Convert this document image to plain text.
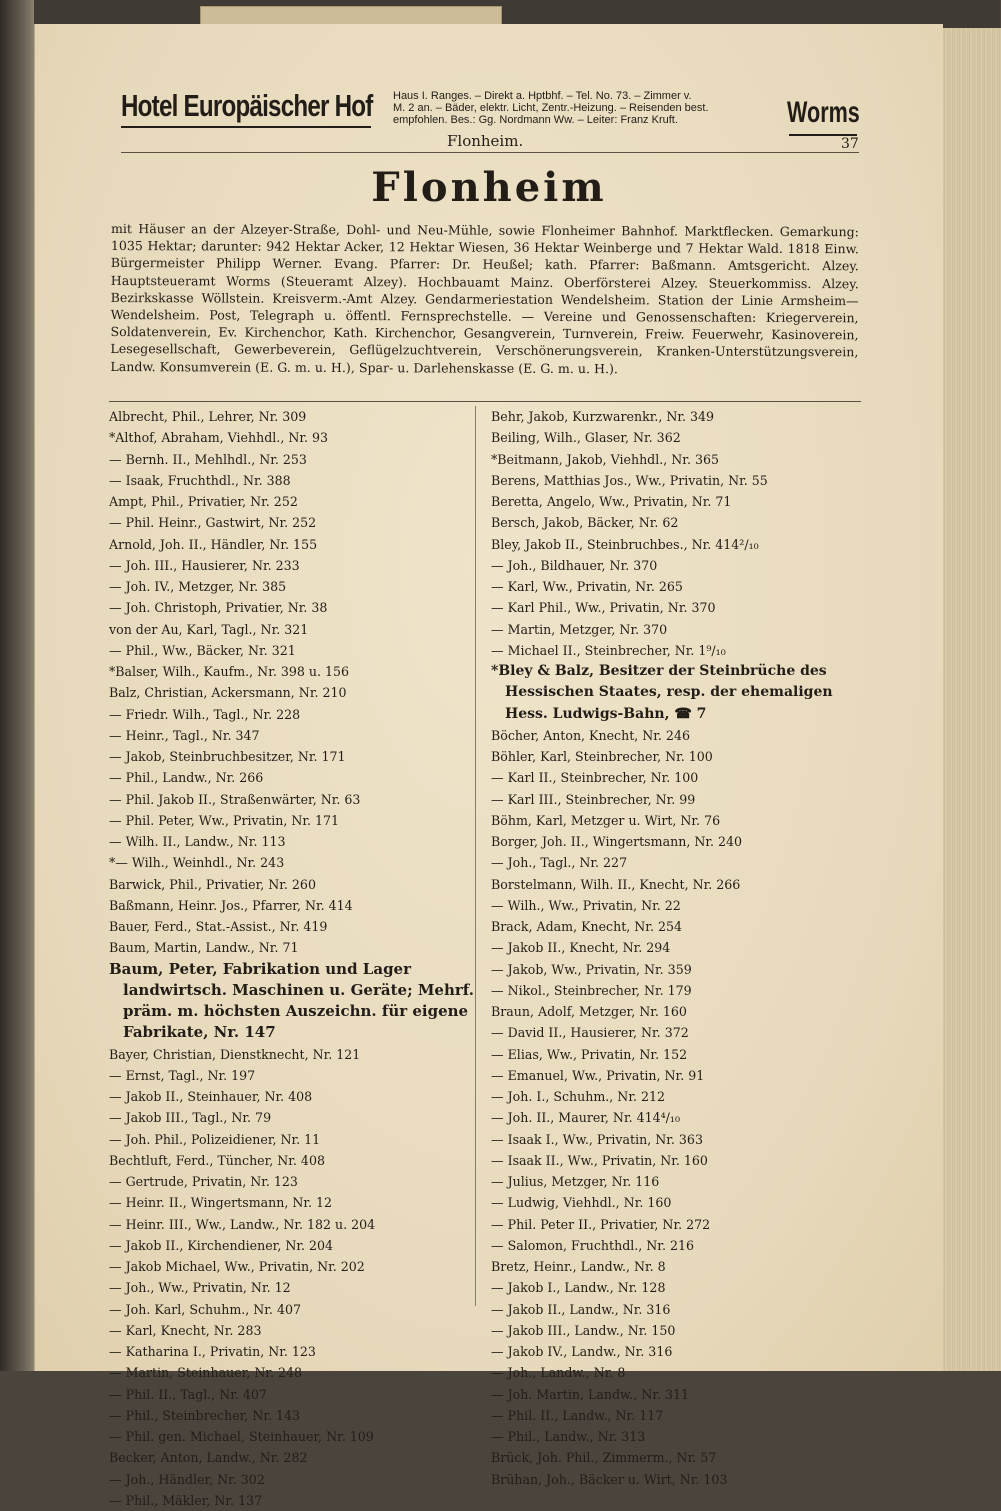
Hotel Europäischer Hof Haus I. Ranges. – Direkt a. Hptbhf. – Tel. No. 73. – Zimmer v.
M. 2 an. – Bäder, elektr. Licht, Zentr.-Heizung. – Reisenden best.
empfohlen. Bes.: Gg. Nordmann Ww. – Leiter: Franz Kruft.	Worms
Flonheim.	37
Flonheim
mit Häuser an der Alzeyer-Straße, Dohl- und Neu-Mühle, sowie Flonheimer Bahnhof. Marktflecken. Gemarkung: 1035 Hektar; darunter: 942 Hektar Acker, 12 Hektar Wiesen, 36 Hektar Weinberge und 7 Hektar Wald. 1818 Einw. Bürgermeister Philipp Werner. Evang. Pfarrer: Dr. Heußel; kath. Pfarrer: Baßmann. Amtsgericht. Alzey. Hauptsteueramt Worms (Steueramt Alzey). Hochbauamt Mainz. Oberförsterei Alzey. Steuerkommiss. Alzey. Bezirkskasse Wöllstein. Kreisverm.-Amt Alzey. Gendarmeriestation Wendelsheim. Station der Linie Armsheim—Wendelsheim. Post, Telegraph u. öffentl. Fernsprechstelle. — Vereine und Genossenschaften: Kriegerverein, Soldatenverein, Ev. Kirchenchor, Kath. Kirchenchor, Gesangverein, Turnverein, Freiw. Feuerwehr, Kasinoverein, Lesegesellschaft, Gewerbeverein, Geflügelzuchtverein, Verschönerungsverein, Kranken-Unterstützungsverein, Landw. Konsumverein (E. G. m. u. H.), Spar- u. Darlehenskasse (E. G. m. u. H.).
Albrecht, Phil., Lehrer, Nr. 309
*Althof, Abraham, Viehhdl., Nr. 93
— Bernh. II., Mehlhdl., Nr. 253
— Isaak, Fruchthdl., Nr. 388
Ampt, Phil., Privatier, Nr. 252
— Phil. Heinr., Gastwirt, Nr. 252
Arnold, Joh. II., Händler, Nr. 155
— Joh. III., Hausierer, Nr. 233
— Joh. IV., Metzger, Nr. 385
— Joh. Christoph, Privatier, Nr. 38
von der Au, Karl, Tagl., Nr. 321
— Phil., Ww., Bäcker, Nr. 321
*Balser, Wilh., Kaufm., Nr. 398 u. 156
Balz, Christian, Ackersmann, Nr. 210
— Friedr. Wilh., Tagl., Nr. 228
— Heinr., Tagl., Nr. 347
— Jakob, Steinbruchbesitzer, Nr. 171
— Phil., Landw., Nr. 266
— Phil. Jakob II., Straßenwärter, Nr. 63
— Phil. Peter, Ww., Privatin, Nr. 171
— Wilh. II., Landw., Nr. 113
*— Wilh., Weinhdl., Nr. 243
Barwick, Phil., Privatier, Nr. 260
Baßmann, Heinr. Jos., Pfarrer, Nr. 414
Bauer, Ferd., Stat.-Assist., Nr. 419
Baum, Martin, Landw., Nr. 71
Baum, Peter, Fabrikation und Lager landwirtsch. Maschinen u. Geräte; Mehrf. präm. m. höchsten Auszeichn. für eigene Fabrikate, Nr. 147
Bayer, Christian, Dienstknecht, Nr. 121
— Ernst, Tagl., Nr. 197
— Jakob II., Steinhauer, Nr. 408
— Jakob III., Tagl., Nr. 79
— Joh. Phil., Polizeidiener, Nr. 11
Bechtluft, Ferd., Tüncher, Nr. 408
— Gertrude, Privatin, Nr. 123
— Heinr. II., Wingertsmann, Nr. 12
— Heinr. III., Ww., Landw., Nr. 182 u. 204
— Jakob II., Kirchendiener, Nr. 204
— Jakob Michael, Ww., Privatin, Nr. 202
— Joh., Ww., Privatin, Nr. 12
— Joh. Karl, Schuhm., Nr. 407
— Karl, Knecht, Nr. 283
— Katharina I., Privatin, Nr. 123
— Martin, Steinhauer, Nr. 248
— Phil. II., Tagl., Nr. 407
— Phil., Steinbrecher, Nr. 143
— Phil. gen. Michael, Steinhauer, Nr. 109
Becker, Anton, Landw., Nr. 282
— Joh., Händler, Nr. 302
— Phil., Mäkler, Nr. 137
Behr, Jakob, Kurzwarenkr., Nr. 349
Beiling, Wilh., Glaser, Nr. 362
*Beitmann, Jakob, Viehhdl., Nr. 365
Berens, Matthias Jos., Ww., Privatin, Nr. 55
Beretta, Angelo, Ww., Privatin, Nr. 71
Bersch, Jakob, Bäcker, Nr. 62
Bley, Jakob II., Steinbruchbes., Nr. 414²/₁₀
— Joh., Bildhauer, Nr. 370
— Karl, Ww., Privatin, Nr. 265
— Karl Phil., Ww., Privatin, Nr. 370
— Martin, Metzger, Nr. 370
— Michael II., Steinbrecher, Nr. 1⁹/₁₀
*Bley & Balz, Besitzer der Steinbrüche des Hessischen Staates, resp. der ehemaligen Hess. Ludwigs-Bahn, ☎ 7
Böcher, Anton, Knecht, Nr. 246
Böhler, Karl, Steinbrecher, Nr. 100
— Karl II., Steinbrecher, Nr. 100
— Karl III., Steinbrecher, Nr. 99
Böhm, Karl, Metzger u. Wirt, Nr. 76
Borger, Joh. II., Wingertsmann, Nr. 240
— Joh., Tagl., Nr. 227
Borstelmann, Wilh. II., Knecht, Nr. 266
— Wilh., Ww., Privatin, Nr. 22
Brack, Adam, Knecht, Nr. 254
— Jakob II., Knecht, Nr. 294
— Jakob, Ww., Privatin, Nr. 359
— Nikol., Steinbrecher, Nr. 179
Braun, Adolf, Metzger, Nr. 160
— David II., Hausierer, Nr. 372
— Elias, Ww., Privatin, Nr. 152
— Emanuel, Ww., Privatin, Nr. 91
— Joh. I., Schuhm., Nr. 212
— Joh. II., Maurer, Nr. 414⁴/₁₀
— Isaak I., Ww., Privatin, Nr. 363
— Isaak II., Ww., Privatin, Nr. 160
— Julius, Metzger, Nr. 116
— Ludwig, Viehhdl., Nr. 160
— Phil. Peter II., Privatier, Nr. 272
— Salomon, Fruchthdl., Nr. 216
Bretz, Heinr., Landw., Nr. 8
— Jakob I., Landw., Nr. 128
— Jakob II., Landw., Nr. 316
— Jakob III., Landw., Nr. 150
— Jakob IV., Landw., Nr. 316
— Joh., Landw., Nr. 8
— Joh. Martin, Landw., Nr. 311
— Phil. II., Landw., Nr. 117
— Phil., Landw., Nr. 313
Brück, Joh. Phil., Zimmerm., Nr. 57
Brühan, Joh., Bäcker u. Wirt, Nr. 103
